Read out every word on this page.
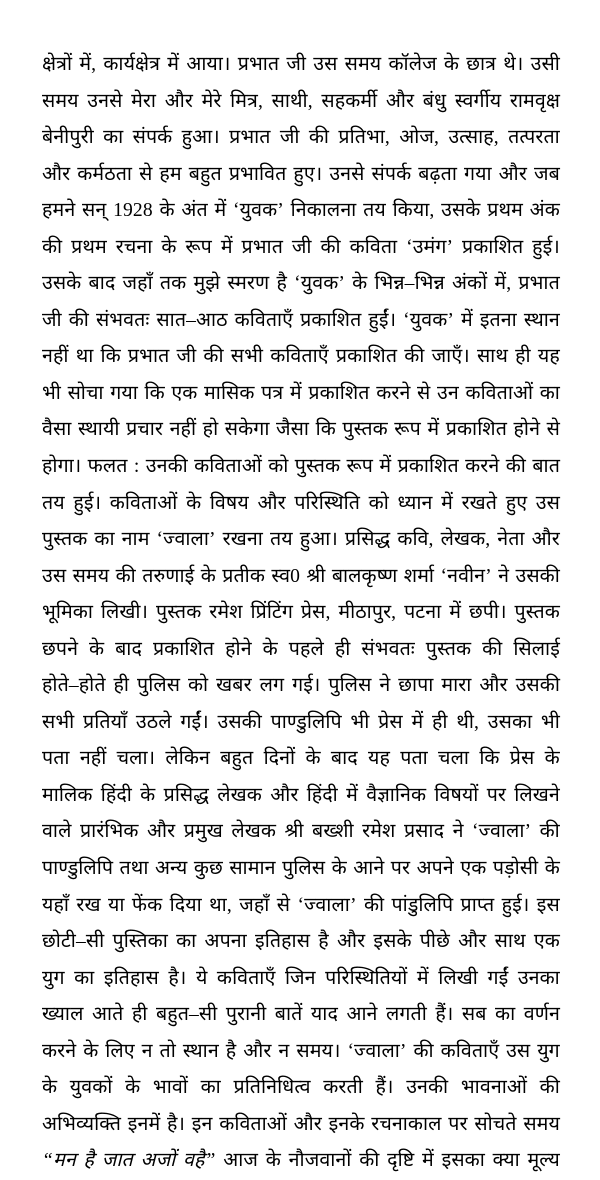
क्षेत्रों में, कार्यक्षेत्र में आया। प्रभात जी उस समय कॉलेज के छात्र थे। उसी
समय उनसे मेरा और मेरे मित्र, साथी, सहकर्मी और बंधु स्वर्गीय रामवृक्ष
बेनीपुरी का संपर्क हुआ। प्रभात जी की प्रतिभा, ओज, उत्साह, तत्परता
और कर्मठता से हम बहुत प्रभावित हुए। उनसे संपर्क बढ़ता गया और जब
हमने सन् 1928 के अंत में ‘युवक’ निकालना तय किया, उसके प्रथम अंक
की प्रथम रचना के रूप में प्रभात जी की कविता ‘उमंग’ प्रकाशित हुई।
उसके बाद जहाँ तक मुझे स्मरण है ‘युवक’ के भिन्न–भिन्न अंकों में, प्रभात
जी की संभवतः सात–आठ कविताएँ प्रकाशित हुईं। ‘युवक’ में इतना स्थान
नहीं था कि प्रभात जी की सभी कविताएँ प्रकाशित की जाएँ। साथ ही यह
भी सोचा गया कि एक मासिक पत्र में प्रकाशित करने से उन कविताओं का
वैसा स्थायी प्रचार नहीं हो सकेगा जैसा कि पुस्तक रूप में प्रकाशित होने से
होगा। फलत : उनकी कविताओं को पुस्तक रूप में प्रकाशित करने की बात
तय हुई। कविताओं के विषय और परिस्थिति को ध्यान में रखते हुए उस
पुस्तक का नाम ‘ज्वाला’ रखना तय हुआ। प्रसिद्ध कवि, लेखक, नेता और
उस समय की तरुणाई के प्रतीक स्व0 श्री बालकृष्ण शर्मा ‘नवीन’ ने उसकी
भूमिका लिखी। पुस्तक रमेश प्रिंटिंग प्रेस, मीठापुर, पटना में छपी। पुस्तक
छपने के बाद प्रकाशित होने के पहले ही संभवतः पुस्तक की सिलाई
होते–होते ही पुलिस को खबर लग गई। पुलिस ने छापा मारा और उसकी
सभी प्रतियाँ उठले गईं। उसकी पाण्डुलिपि भी प्रेस में ही थी, उसका भी
पता नहीं चला। लेकिन बहुत दिनों के बाद यह पता चला कि प्रेस के
मालिक हिंदी के प्रसिद्ध लेखक और हिंदी में वैज्ञानिक विषयों पर लिखने
वाले प्रारंभिक और प्रमुख लेखक श्री बख्शी रमेश प्रसाद ने ‘ज्वाला’ की
पाण्डुलिपि तथा अन्य कुछ सामान पुलिस के आने पर अपने एक पड़ोसी के
यहाँ रख या फेंक दिया था, जहाँ से ‘ज्वाला’ की पांडुलिपि प्राप्त हुई। इस
छोटी–सी पुस्तिका का अपना इतिहास है और इसके पीछे और साथ एक
युग का इतिहास है। ये कविताएँ जिन परिस्थितियों में लिखी गईं उनका
ख्याल आते ही बहुत–सी पुरानी बातें याद आने लगती हैं। सब का वर्णन
करने के लिए न तो स्थान है और न समय। ‘ज्वाला’ की कविताएँ उस युग
के युवकों के भावों का प्रतिनिधित्व करती हैं। उनकी भावनाओं की
अभिव्यक्ति इनमें है। इन कविताओं और इनके रचनाकाल पर सोचते समय
“मन है जात अजों वहै” आज के नौजवानों की दृष्टि में इसका क्या मूल्य
